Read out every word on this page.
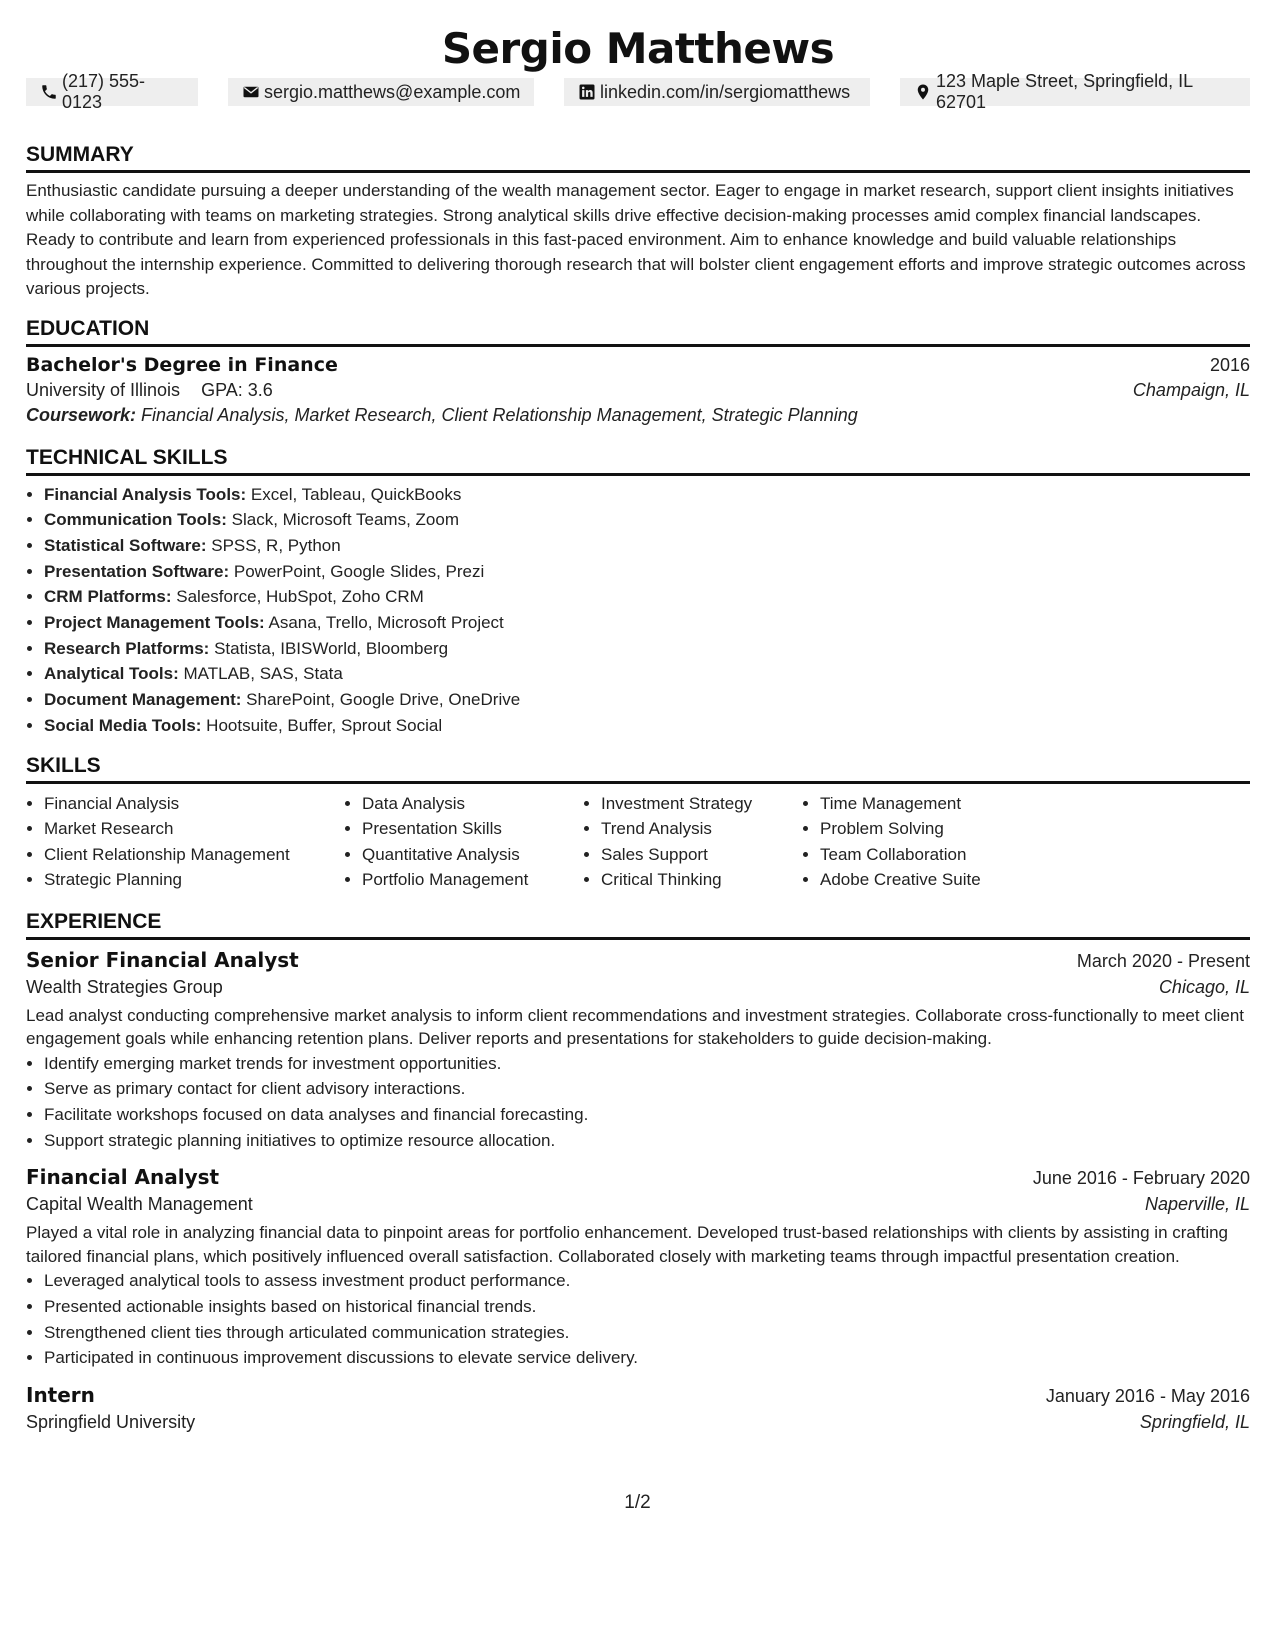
Sergio Matthews
(217) 555-0123
sergio.matthews@example.com	linkedin.com/in/sergiomatthews
123 Maple Street, Springfield, IL 62701
SUMMARY
Enthusiastic candidate pursuing a deeper understanding of the wealth management sector. Eager to engage in market research, support client insights initiatives while collaborating with teams on marketing strategies. Strong analytical skills drive effective decision-making processes amid complex financial landscapes. Ready to contribute and learn from experienced professionals in this fast-paced environment. Aim to enhance knowledge and build valuable relationships throughout the internship experience. Committed to delivering thorough research that will bolster client engagement efforts and improve strategic outcomes across various projects.
EDUCATION
Bachelor's Degree in Finance	2016
University of Illinois GPA: 3.6	Champaign, IL
Coursework: Financial Analysis, Market Research, Client Relationship Management, Strategic Planning
TECHNICAL SKILLS
• Financial Analysis Tools: Excel, Tableau, QuickBooks
• Communication Tools: Slack, Microsoft Teams, Zoom
• Statistical Software: SPSS, R, Python
• Presentation Software: PowerPoint, Google Slides, Prezi
• CRM Platforms: Salesforce, HubSpot, Zoho CRM
• Project Management Tools: Asana, Trello, Microsoft Project
• Research Platforms: Statista, IBISWorld, Bloomberg
• Analytical Tools: MATLAB, SAS, Stata
• Document Management: SharePoint, Google Drive, OneDrive
• Social Media Tools: Hootsuite, Buffer, Sprout Social
SKILLS
• Financial Analysis
• Market Research
• Client Relationship Management
• Strategic Planning
• Data Analysis
• Presentation Skills
• Quantitative Analysis
• Portfolio Management
• Investment Strategy
• Trend Analysis
• Sales Support
• Critical Thinking
• Time Management
• Problem Solving
• Team Collaboration
• Adobe Creative Suite
EXPERIENCE
Senior Financial Analyst	March 2020 - Present
Wealth Strategies Group	Chicago, IL
Lead analyst conducting comprehensive market analysis to inform client recommendations and investment strategies. Collaborate cross-functionally to meet client engagement goals while enhancing retention plans. Deliver reports and presentations for stakeholders to guide decision-making.
• Identify emerging market trends for investment opportunities.
• Serve as primary contact for client advisory interactions.
• Facilitate workshops focused on data analyses and financial forecasting.
• Support strategic planning initiatives to optimize resource allocation.
Financial Analyst	June 2016 - February 2020
Capital Wealth Management	Naperville, IL
Played a vital role in analyzing financial data to pinpoint areas for portfolio enhancement. Developed trust-based relationships with clients by assisting in crafting tailored financial plans, which positively influenced overall satisfaction. Collaborated closely with marketing teams through impactful presentation creation.
• Leveraged analytical tools to assess investment product performance.
• Presented actionable insights based on historical financial trends.
• Strengthened client ties through articulated communication strategies.
• Participated in continuous improvement discussions to elevate service delivery.
Intern	January 2016 - May 2016
Springfield University	Springfield, IL
1/2
